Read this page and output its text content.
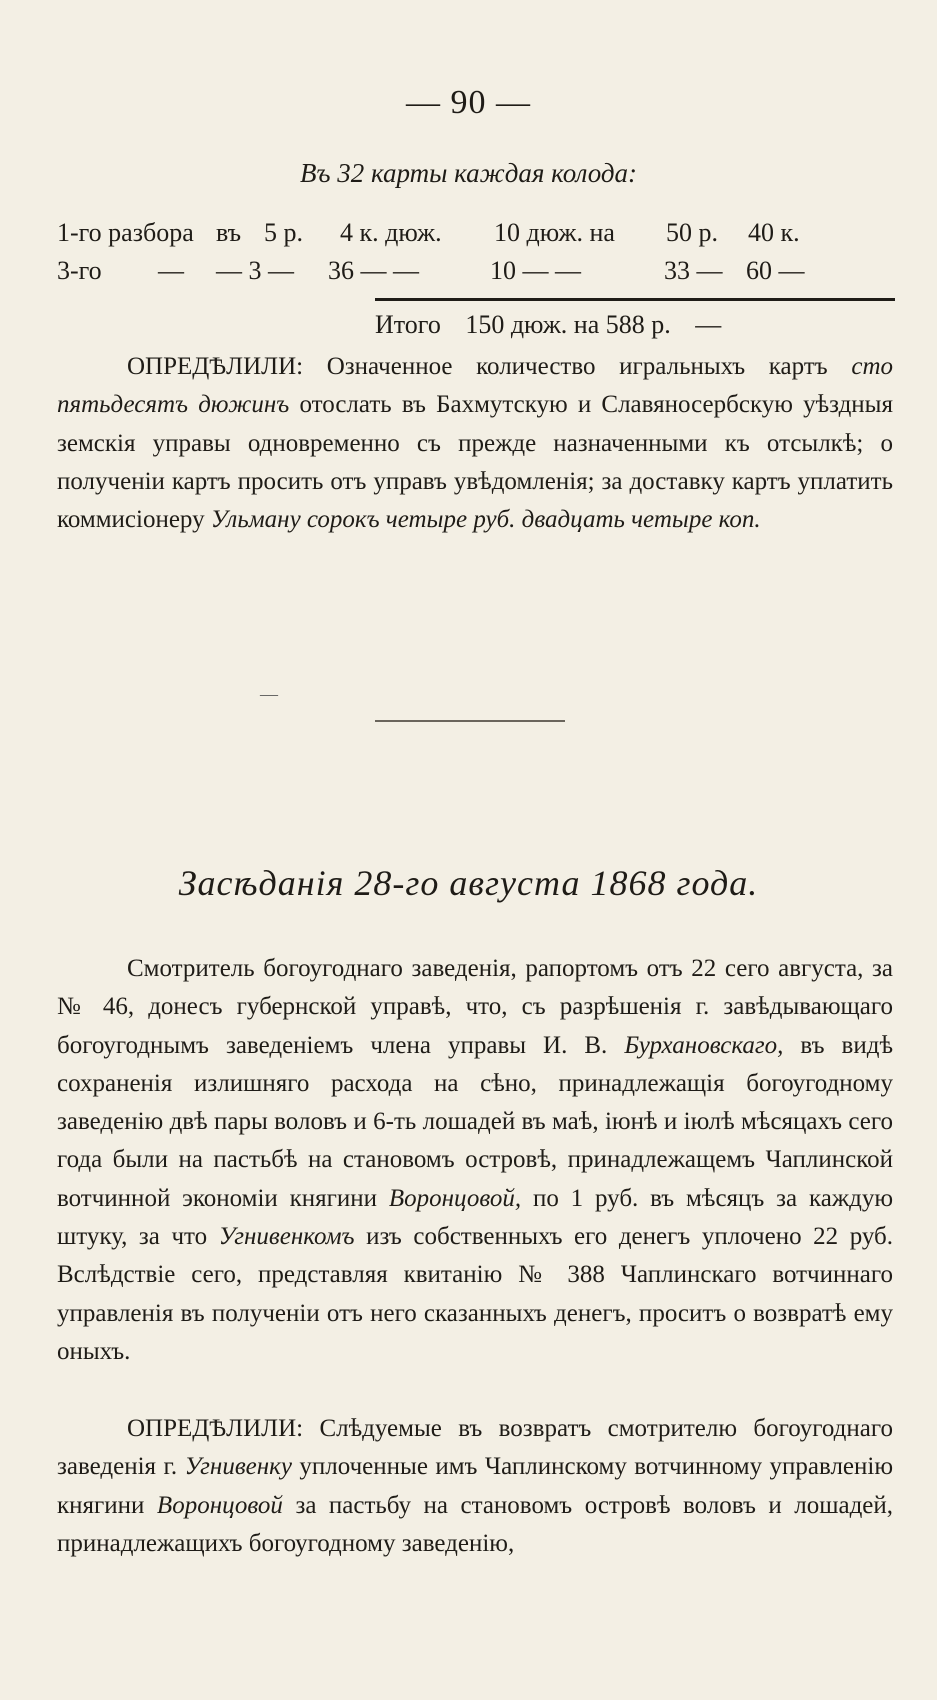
— 90 —
Въ 32 карты каждая колода:
1-го разбора въ 5 р. 4 к. дюж. 10 дюж. на 50 р. 40 к.
3-го — — 3 — 36 — —	10 — —	33 — 60 —
Итого 150 дюж. на 588 р. —
ОПРЕДѢЛИЛИ: Означенное количество игральныхъ картъ сто пятьдесятъ дюжинъ отослать въ Бахмутскую и Славяносербскую уѣздныя земскія управы одновременно съ прежде назначенными къ отсылкѣ; о полученіи картъ просить отъ управъ увѣдомленія; за доставку картъ уплатить коммисіонеру Ульману сорокъ четыре руб. двадцать четыре коп.
—
Засѣданія 28-го августа 1868 года.
Смотритель богоугоднаго заведенія, рапортомъ отъ 22 сего августа, за № 46, донесъ губернской управѣ, что, съ разрѣшенія г. завѣдывающаго богоугоднымъ заведеніемъ члена управы И. В. Бурхановскаго, въ видѣ сохраненія излишняго расхода на сѣно, принадлежащія богоугодному заведенію двѣ пары воловъ и 6-ть лошадей въ маѣ, іюнѣ и іюлѣ мѣсяцахъ сего года были на пастьбѣ на становомъ островѣ, принадлежащемъ Чаплинской вотчинной экономіи княгини Воронцовой, по 1 руб. въ мѣсяцъ за каждую штуку, за что Угнивенкомъ изъ собственныхъ его денегъ уплочено 22 руб. Вслѣдствіе сего, представляя квитанію № 388 Чаплинскаго вотчиннаго управленія въ полученіи отъ него сказанныхъ денегъ, проситъ о возвратѣ ему оныхъ.
ОПРЕДѢЛИЛИ: Слѣдуемые въ возвратъ смотрителю богоугоднаго заведенія г. Угнивенку уплоченные имъ Чаплинскому вотчинному управленію княгини Воронцовой за пастьбу на становомъ островѣ воловъ и лошадей, принадлежащихъ богоугодному заведенію,
